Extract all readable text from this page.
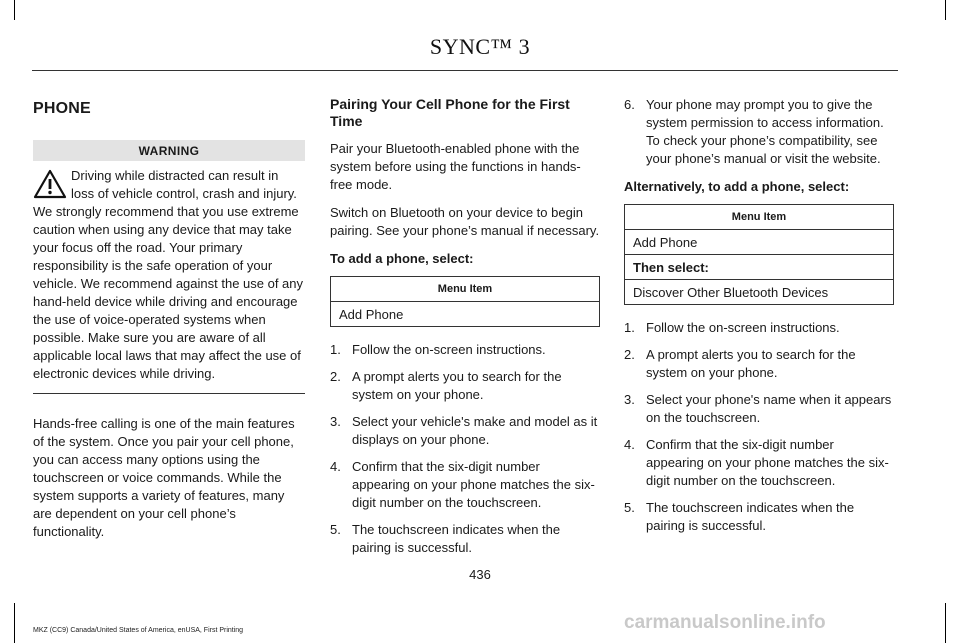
SYNC™ 3
PHONE
WARNING

Driving while distracted can result in loss of vehicle control, crash and injury. We strongly recommend that you use extreme caution when using any device that may take your focus off the road. Your primary responsibility is the safe operation of your vehicle. We recommend against the use of any hand-held device while driving and encourage the use of voice-operated systems when possible. Make sure you are aware of all applicable local laws that may affect the use of electronic devices while driving.

Hands-free calling is one of the main features of the system. Once you pair your cell phone, you can access many options using the touchscreen or voice commands. While the system supports a variety of features, many are dependent on your cell phone’s functionality.

Pairing Your Cell Phone for the First Time

Pair your Bluetooth-enabled phone with the system before using the functions in hands-free mode.

Switch on Bluetooth on your device to begin pairing. See your phone’s manual if necessary.

To add a phone, select:

Menu Item
Add Phone
1. Follow the on-screen instructions.
2. A prompt alerts you to search for the system on your phone.
3. Select your vehicle's make and model as it displays on your phone.
4. Confirm that the six-digit number appearing on your phone matches the six-digit number on the touchscreen.
5. The touchscreen indicates when the pairing is successful.
6. Your phone may prompt you to give the system permission to access information. To check your phone’s compatibility, see your phone’s manual or visit the website.

Alternatively, to add a phone, select:

Menu Item
Add Phone
Then select:
Discover Other Bluetooth Devices
1. Follow the on-screen instructions.
2. A prompt alerts you to search for the system on your phone.
3. Select your phone's name when it appears on the touchscreen.
4. Confirm that the six-digit number appearing on your phone matches the six-digit number on the touchscreen.
5. The touchscreen indicates when the pairing is successful.
436
MKZ (CC9) Canada/United States of America, enUSA, First Printing	carmanualsonline.info
